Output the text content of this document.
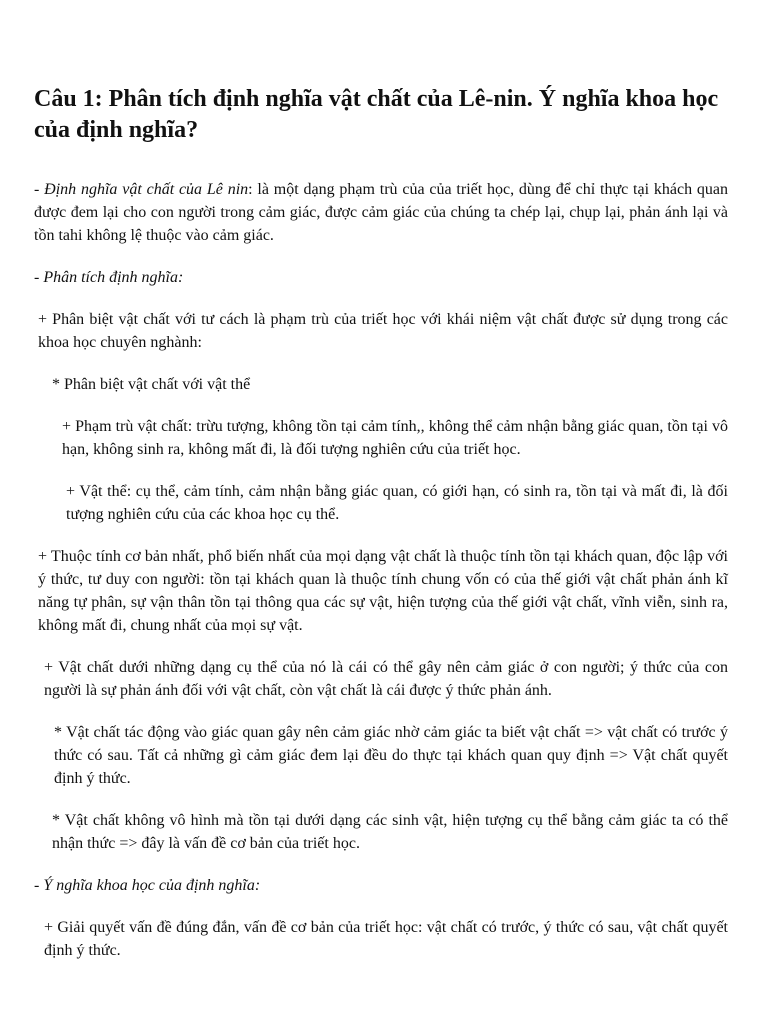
Câu 1: Phân tích định nghĩa vật chất của Lê-nin. Ý nghĩa khoa học của định nghĩa?
- Định nghĩa vật chất của Lê nin: là một dạng phạm trù của của triết học, dùng để chỉ thực tại khách quan được đem lại cho con người trong cảm giác, được cảm giác của chúng ta chép lại, chụp lại, phản ánh lại và tồn tahi không lệ thuộc vào cảm giác.
- Phân tích định nghĩa:
+ Phân biệt vật chất với tư cách là phạm trù của triết học với khái niệm vật chất được sử dụng trong các khoa học chuyên nghành:
* Phân biệt vật chất với vật thể
+ Phạm trù vật chất: trừu tượng, không tồn tại cảm tính,, không thể cảm nhận bằng giác quan, tồn tại vô hạn, không sinh ra, không mất đi, là đối tượng nghiên cứu của triết học.
+ Vật thể: cụ thể, cảm tính, cảm nhận bằng giác quan, có giới hạn, có sinh ra, tồn tại và mất đi, là đối tượng nghiên cứu của các khoa học cụ thể.
+ Thuộc tính cơ bản nhất, phổ biến nhất của mọi dạng vật chất là thuộc tính tồn tại khách quan, độc lập với ý thức, tư duy con người: tồn tại khách quan là thuộc tính chung vốn có của thế giới vật chất phản ánh kĩ năng tự phân, sự vận thân tồn tại thông qua các sự vật, hiện tượng của thế giới vật chất, vĩnh viễn, sinh ra, không mất đi, chung nhất của mọi sự vật.
+ Vật chất dưới những dạng cụ thể của nó là cái có thể gây nên cảm giác ở con người; ý thức của con người là sự phản ánh đối với vật chất, còn vật chất là cái được ý thức phản ánh.
* Vật chất tác động vào giác quan gây nên cảm giác nhờ cảm giác ta biết vật chất => vật chất có trước ý thức có sau. Tất cả những gì cảm giác đem lại đều do thực tại khách quan quy định => Vật chất quyết định ý thức.
* Vật chất không vô hình mà tồn tại dưới dạng các sinh vật, hiện tượng cụ thể bằng cảm giác ta có thể nhận thức => đây là vấn đề cơ bản của triết học.
- Ý nghĩa khoa học của định nghĩa:
+ Giải quyết vấn đề đúng đắn, vấn đề cơ bản của triết học: vật chất có trước, ý thức có sau, vật chất quyết định ý thức.
